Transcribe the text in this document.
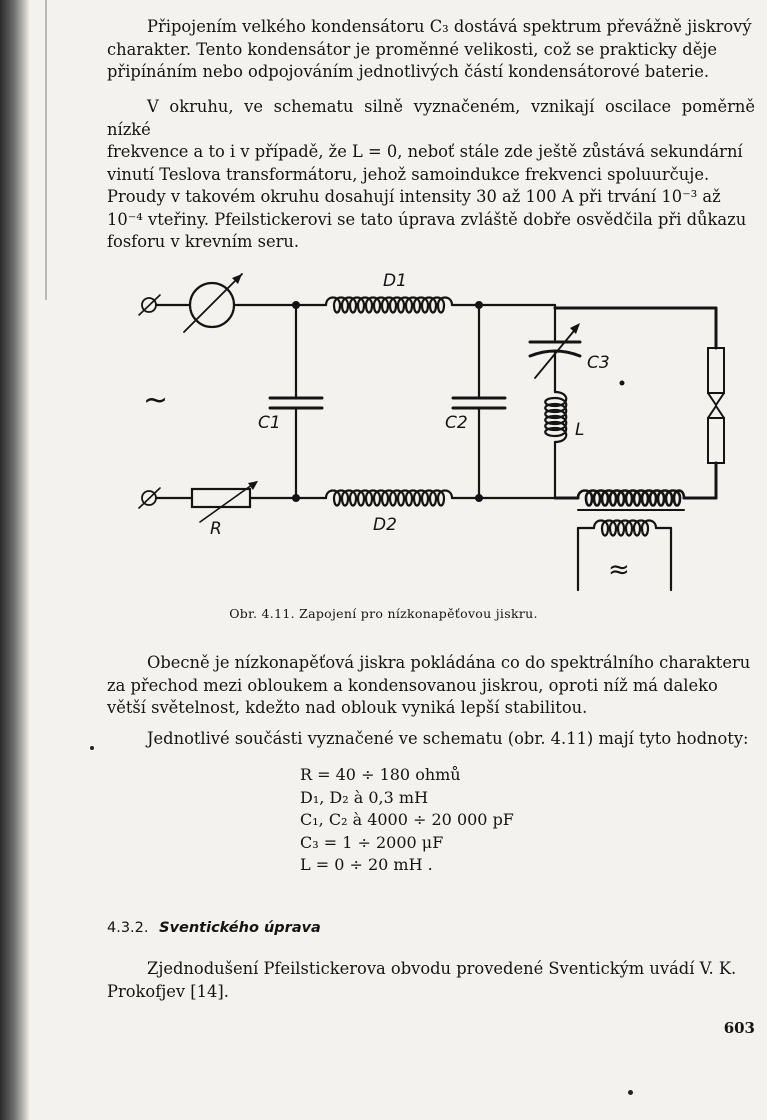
Připojením velkého kondensátoru C₃ dostává spektrum převážně jiskrový
charakter. Tento kondensátor je proměnné velikosti, což se prakticky děje
připínáním nebo odpojováním jednotlivých částí kondensátorové baterie.
V okruhu, ve schematu silně vyznačeném, vznikají oscilace poměrně nízké
frekvence a to i v případě, že L = 0, neboť stále zde ještě zůstává sekundární
vinutí Teslova transformátoru, jehož samoindukce frekvenci spoluurčuje.
Proudy v takovém okruhu dosahují intensity 30 až 100 A při trvání 10⁻³ až
10⁻⁴ vteřiny. Pfeilstickerovi se tato úprava zvláště dobře osvědčila při důkazu
fosforu v krevním seru.
D1
D2
C1	C2
C3
L
R
~
≈
Obr. 4.11. Zapojení pro nízkonapěťovou jiskru.
Obecně je nízkonapěťová jiskra pokládána co do spektrálního charakteru
za přechod mezi obloukem a kondensovanou jiskrou, oproti níž má daleko
větší světelnost, kdežto nad oblouk vyniká lepší stabilitou.
Jednotlivé součásti vyznačené ve schematu (obr. 4.11) mají tyto hodnoty:
R = 40 ÷ 180 ohmů
D₁, D₂ à 0,3 mH
C₁, C₂ à 4000 ÷ 20 000 pF
C₃ = 1 ÷ 2000 μF
L = 0 ÷ 20 mH .
4.3.2. Sventického úprava
Zjednodušení Pfeilstickerova obvodu provedené Sventickým uvádí V. K.
Prokofjev [14].
603
